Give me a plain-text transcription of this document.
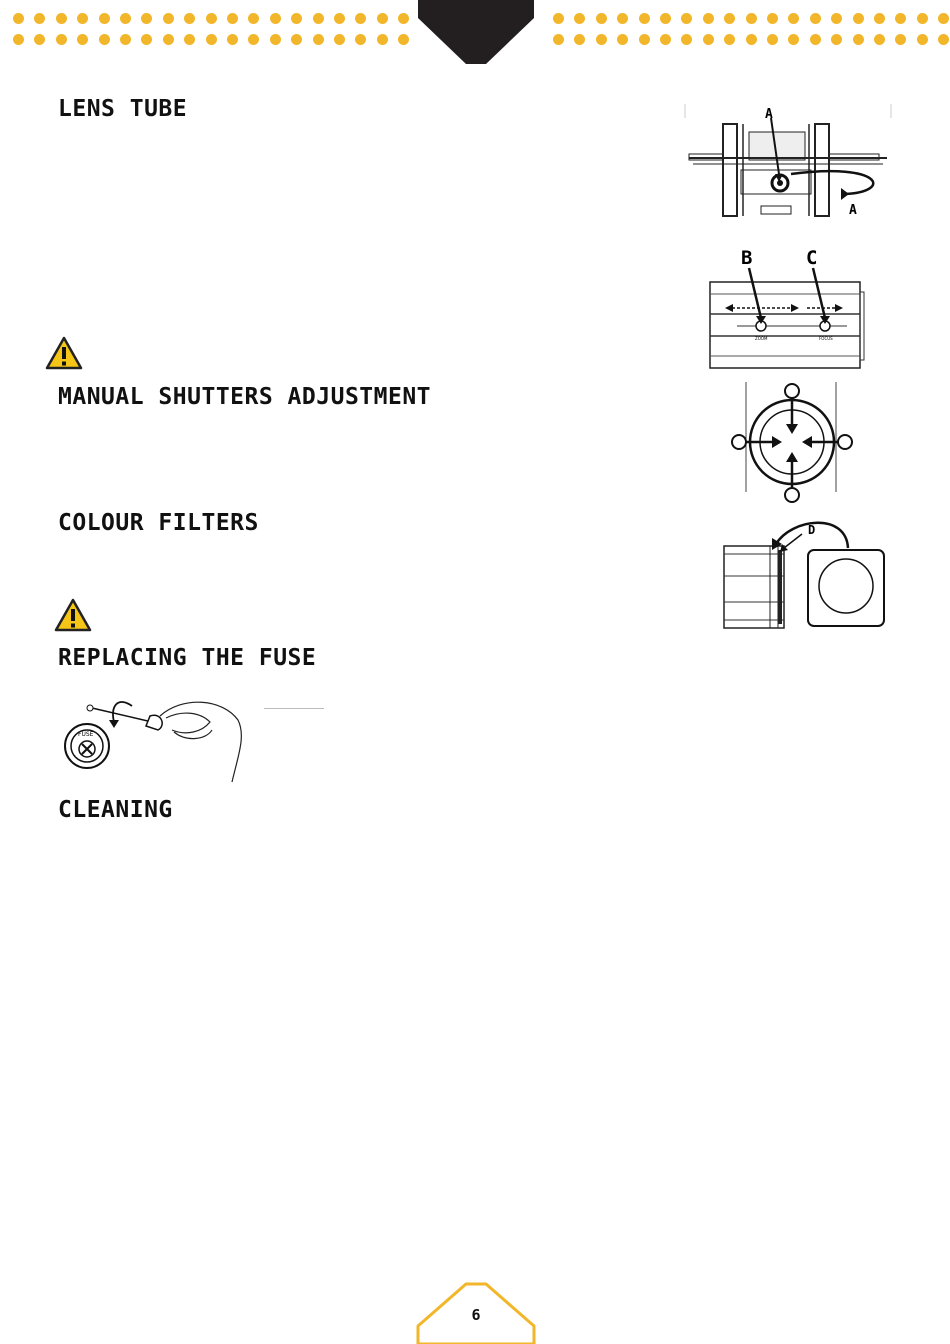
LENS TUBE	A
A
B	C
ZOOM	FOCUS
MANUAL SHUTTERS ADJUSTMENT
COLOUR FILTERS	D
REPLACING THE FUSE
FUSE
CLEANING
6
